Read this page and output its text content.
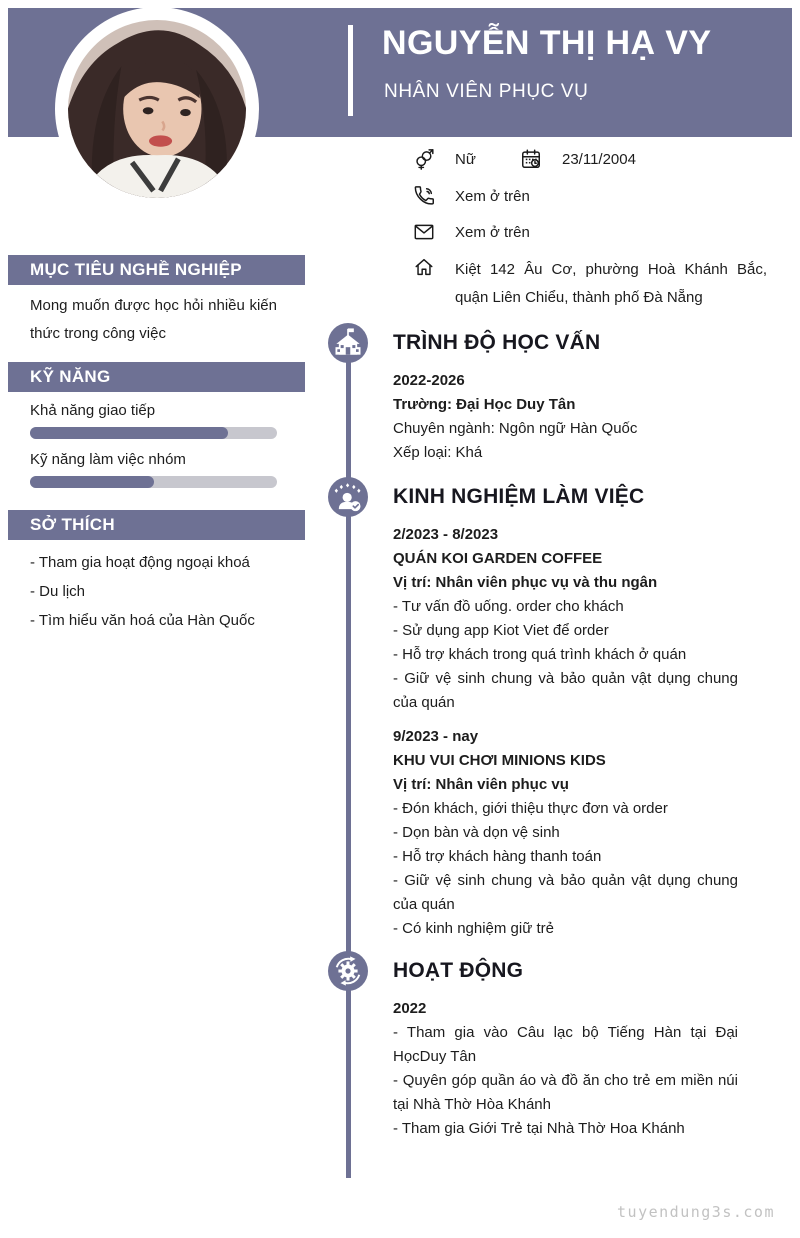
NGUYỄN THỊ HẠ VY
NHÂN VIÊN PHỤC VỤ
Nữ	23/11/2004
Xem ở trên
Xem ở trên
Kiệt 142 Âu Cơ, phường Hoà Khánh Bắc, quận Liên Chiểu, thành phố Đà Nẵng
MỤC TIÊU NGHỀ NGHIỆP
Mong muốn được học hỏi nhiều kiến thức trong công việc
KỸ NĂNG
Khả năng giao tiếp
Kỹ năng làm việc nhóm
SỞ THÍCH
- Tham gia hoạt động ngoại khoá
- Du lịch
- Tìm hiểu văn hoá của Hàn Quốc
TRÌNH ĐỘ HỌC VẤN
2022-2026
Trường: Đại Học Duy Tân
Chuyên ngành: Ngôn ngữ Hàn Quốc
Xếp loại: Khá
KINH NGHIỆM LÀM VIỆC
2/2023 - 8/2023
QUÁN KOI GARDEN COFFEE
Vị trí: Nhân viên phục vụ và thu ngân
- Tư vấn đồ uống. order cho khách
- Sử dụng app Kiot Viet để order
- Hỗ trợ khách trong quá trình khách ở quán
- Giữ vệ sinh chung và bảo quản vật dụng chung của quán
9/2023 - nay
KHU VUI CHƠI MINIONS KIDS
Vị trí: Nhân viên phục vụ
- Đón khách, giới thiệu thực đơn và order
- Dọn bàn và dọn vệ sinh
- Hỗ trợ khách hàng thanh toán
- Giữ vệ sinh chung và bảo quản vật dụng chung của quán
- Có kinh nghiệm giữ trẻ
HOẠT ĐỘNG
2022
- Tham gia vào Câu lạc bộ Tiếng Hàn tại Đại HọcDuy Tân
- Quyên góp quần áo và đồ ăn cho trẻ em miền núi tại Nhà Thờ Hòa Khánh
- Tham gia Giới Trẻ tại Nhà Thờ Hoa Khánh
tuyendung3s.com
